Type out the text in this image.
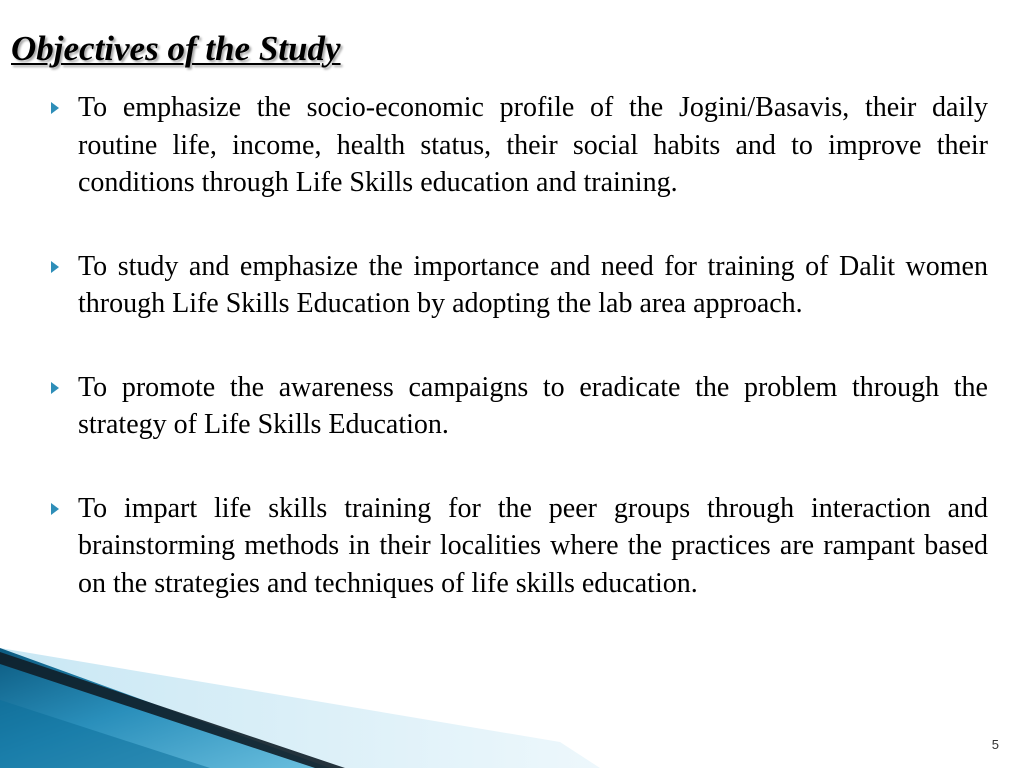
Objectives of the Study
To emphasize the socio-economic profile of the Jogini/Basavis, their daily routine life, income, health status, their social habits and to improve their conditions through Life Skills education and training.
To study and emphasize the importance and need for training of Dalit women through Life Skills Education by adopting the lab area approach.
To promote the awareness campaigns to eradicate the problem through the strategy of Life Skills Education.
To impart life skills training for the peer groups through interaction and brainstorming methods in their localities where the practices are rampant based on the strategies and techniques of life skills education.
5
